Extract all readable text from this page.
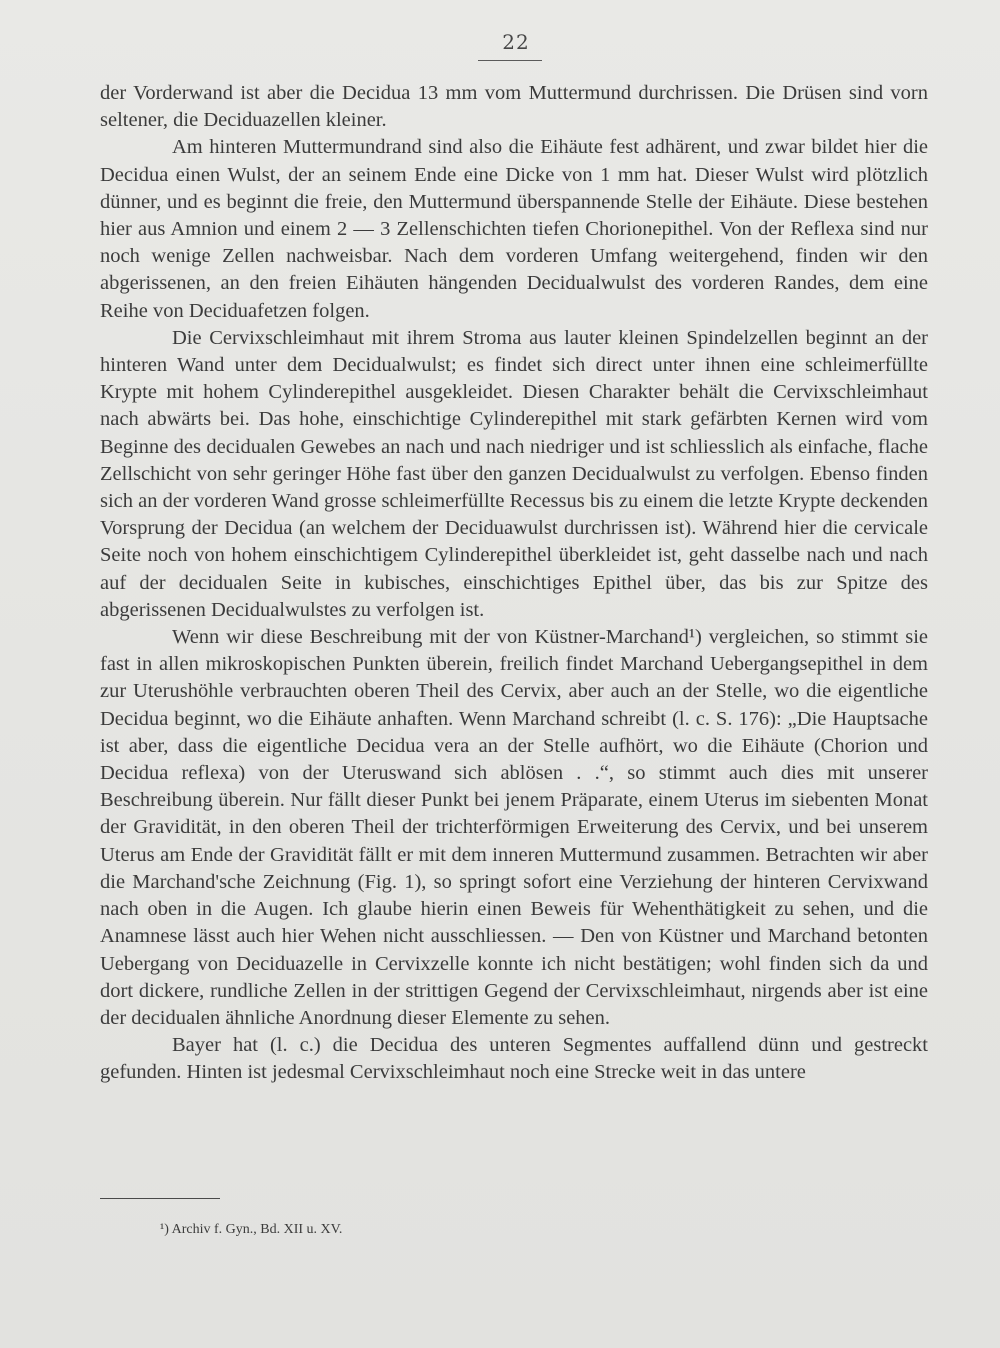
22

der Vorderwand ist aber die Decidua 13 mm vom Muttermund durchrissen. Die Drüsen sind vorn seltener, die Deciduazellen kleiner.

Am hinteren Muttermundrand sind also die Eihäute fest adhärent, und zwar bildet hier die Decidua einen Wulst, der an seinem Ende eine Dicke von 1 mm hat. Dieser Wulst wird plötzlich dünner, und es beginnt die freie, den Muttermund überspannende Stelle der Eihäute. Diese bestehen hier aus Amnion und einem 2 — 3 Zellenschichten tiefen Chorionepithel. Von der Reflexa sind nur noch wenige Zellen nachweisbar. Nach dem vorderen Umfang weitergehend, finden wir den abgerissenen, an den freien Eihäuten hängenden Decidualwulst des vorderen Randes, dem eine Reihe von Deciduafetzen folgen.

Die Cervixschleimhaut mit ihrem Stroma aus lauter kleinen Spindelzellen beginnt an der hinteren Wand unter dem Decidualwulst; es findet sich direct unter ihnen eine schleimerfüllte Krypte mit hohem Cylinderepithel ausgekleidet. Diesen Charakter behält die Cervixschleimhaut nach abwärts bei. Das hohe, einschichtige Cylinderepithel mit stark gefärbten Kernen wird vom Beginne des decidualen Gewebes an nach und nach niedriger und ist schliesslich als einfache, flache Zellschicht von sehr geringer Höhe fast über den ganzen Decidualwulst zu verfolgen. Ebenso finden sich an der vorderen Wand grosse schleimerfüllte Recessus bis zu einem die letzte Krypte deckenden Vorsprung der Decidua (an welchem der Deciduawulst durchrissen ist). Während hier die cervicale Seite noch von hohem einschichtigem Cylinderepithel überkleidet ist, geht dasselbe nach und nach auf der decidualen Seite in kubisches, einschichtiges Epithel über, das bis zur Spitze des abgerissenen Decidualwulstes zu verfolgen ist.

Wenn wir diese Beschreibung mit der von Küstner-Marchand¹) vergleichen, so stimmt sie fast in allen mikroskopischen Punkten überein, freilich findet Marchand Uebergangsepithel in dem zur Uterushöhle verbrauchten oberen Theil des Cervix, aber auch an der Stelle, wo die eigentliche Decidua beginnt, wo die Eihäute anhaften. Wenn Marchand schreibt (l. c. S. 176): „Die Hauptsache ist aber, dass die eigentliche Decidua vera an der Stelle aufhört, wo die Eihäute (Chorion und Decidua reflexa) von der Uteruswand sich ablösen . .“, so stimmt auch dies mit unserer Beschreibung überein. Nur fällt dieser Punkt bei jenem Präparate, einem Uterus im siebenten Monat der Gravidität, in den oberen Theil der trichterförmigen Erweiterung des Cervix, und bei unserem Uterus am Ende der Gravidität fällt er mit dem inneren Muttermund zusammen. Betrachten wir aber die Marchand'sche Zeichnung (Fig. 1), so springt sofort eine Verziehung der hinteren Cervixwand nach oben in die Augen. Ich glaube hierin einen Beweis für Wehenthätigkeit zu sehen, und die Anamnese lässt auch hier Wehen nicht ausschliessen. — Den von Küstner und Marchand betonten Uebergang von Deciduazelle in Cervixzelle konnte ich nicht bestätigen; wohl finden sich da und dort dickere, rundliche Zellen in der strittigen Gegend der Cervixschleimhaut, nirgends aber ist eine der decidualen ähnliche Anordnung dieser Elemente zu sehen.

Bayer hat (l. c.) die Decidua des unteren Segmentes auffallend dünn und gestreckt gefunden. Hinten ist jedesmal Cervixschleimhaut noch eine Strecke weit in das untere

¹) Archiv f. Gyn., Bd. XII u. XV.
